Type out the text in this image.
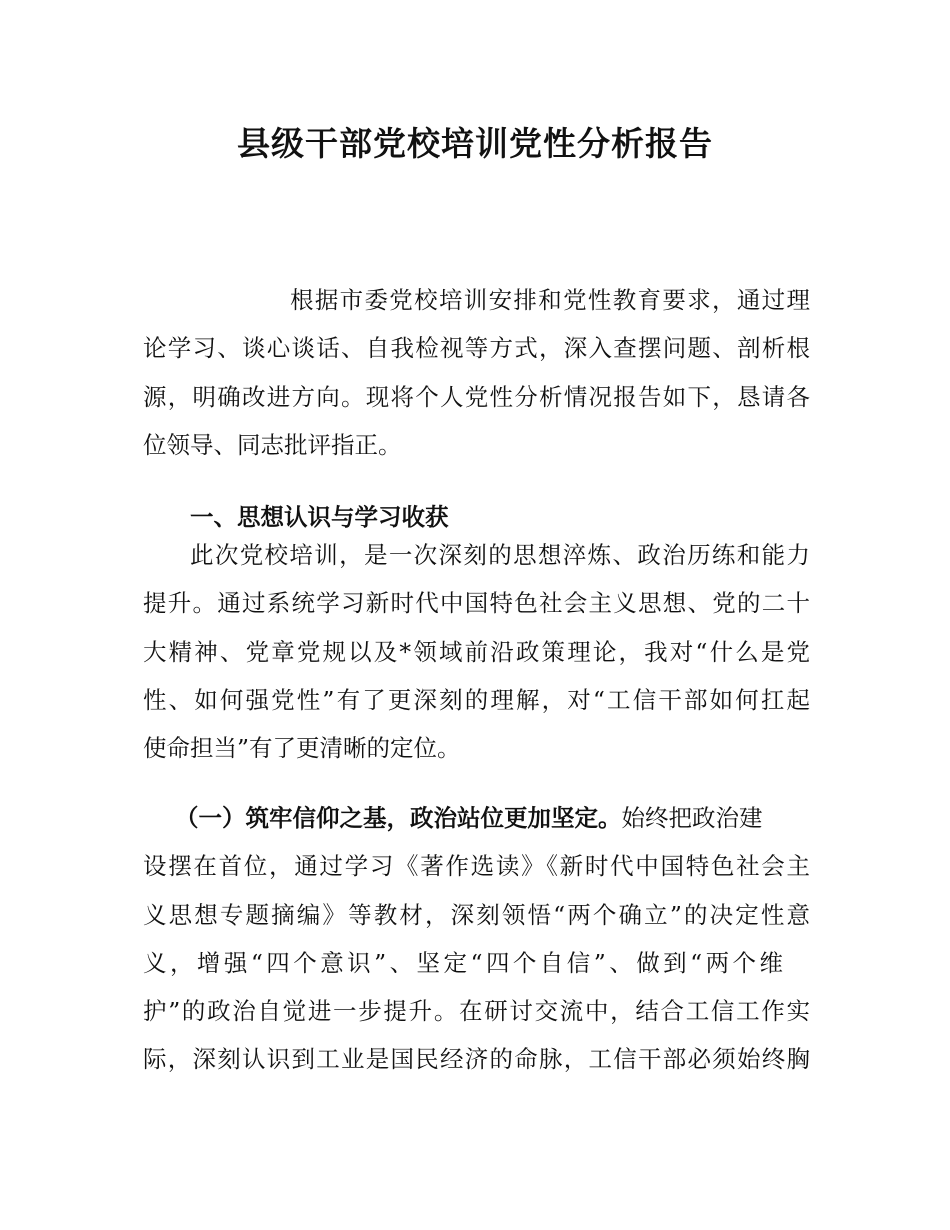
县级干部党校培训党性分析报告
根据市委党校培训安排和党性教育要求，通过理
论学习、谈心谈话、自我检视等方式，深入查摆问题、剖析根
源，明确改进方向。现将个人党性分析情况报告如下，恳请各
位领导、同志批评指正。
一、思想认识与学习收获
此次党校培训，是一次深刻的思想淬炼、政治历练和能力
提升。通过系统学习新时代中国特色社会主义思想、党的二十
大精神、党章党规以及*领域前沿政策理论，我对“什么是党
性、如何强党性”有了更深刻的理解，对“工信干部如何扛起
使命担当”有了更清晰的定位。
（一）筑牢信仰之基，政治站位更加坚定。始终把政治建
设摆在首位，通过学习《著作选读》《新时代中国特色社会主
义思想专题摘编》等教材，深刻领悟“两个确立”的决定性意
义，增强“四个意识”、坚定“四个自信”、做到“两个维
护”的政治自觉进一步提升。在研讨交流中，结合工信工作实
际，深刻认识到工业是国民经济的命脉，工信干部必须始终胸
